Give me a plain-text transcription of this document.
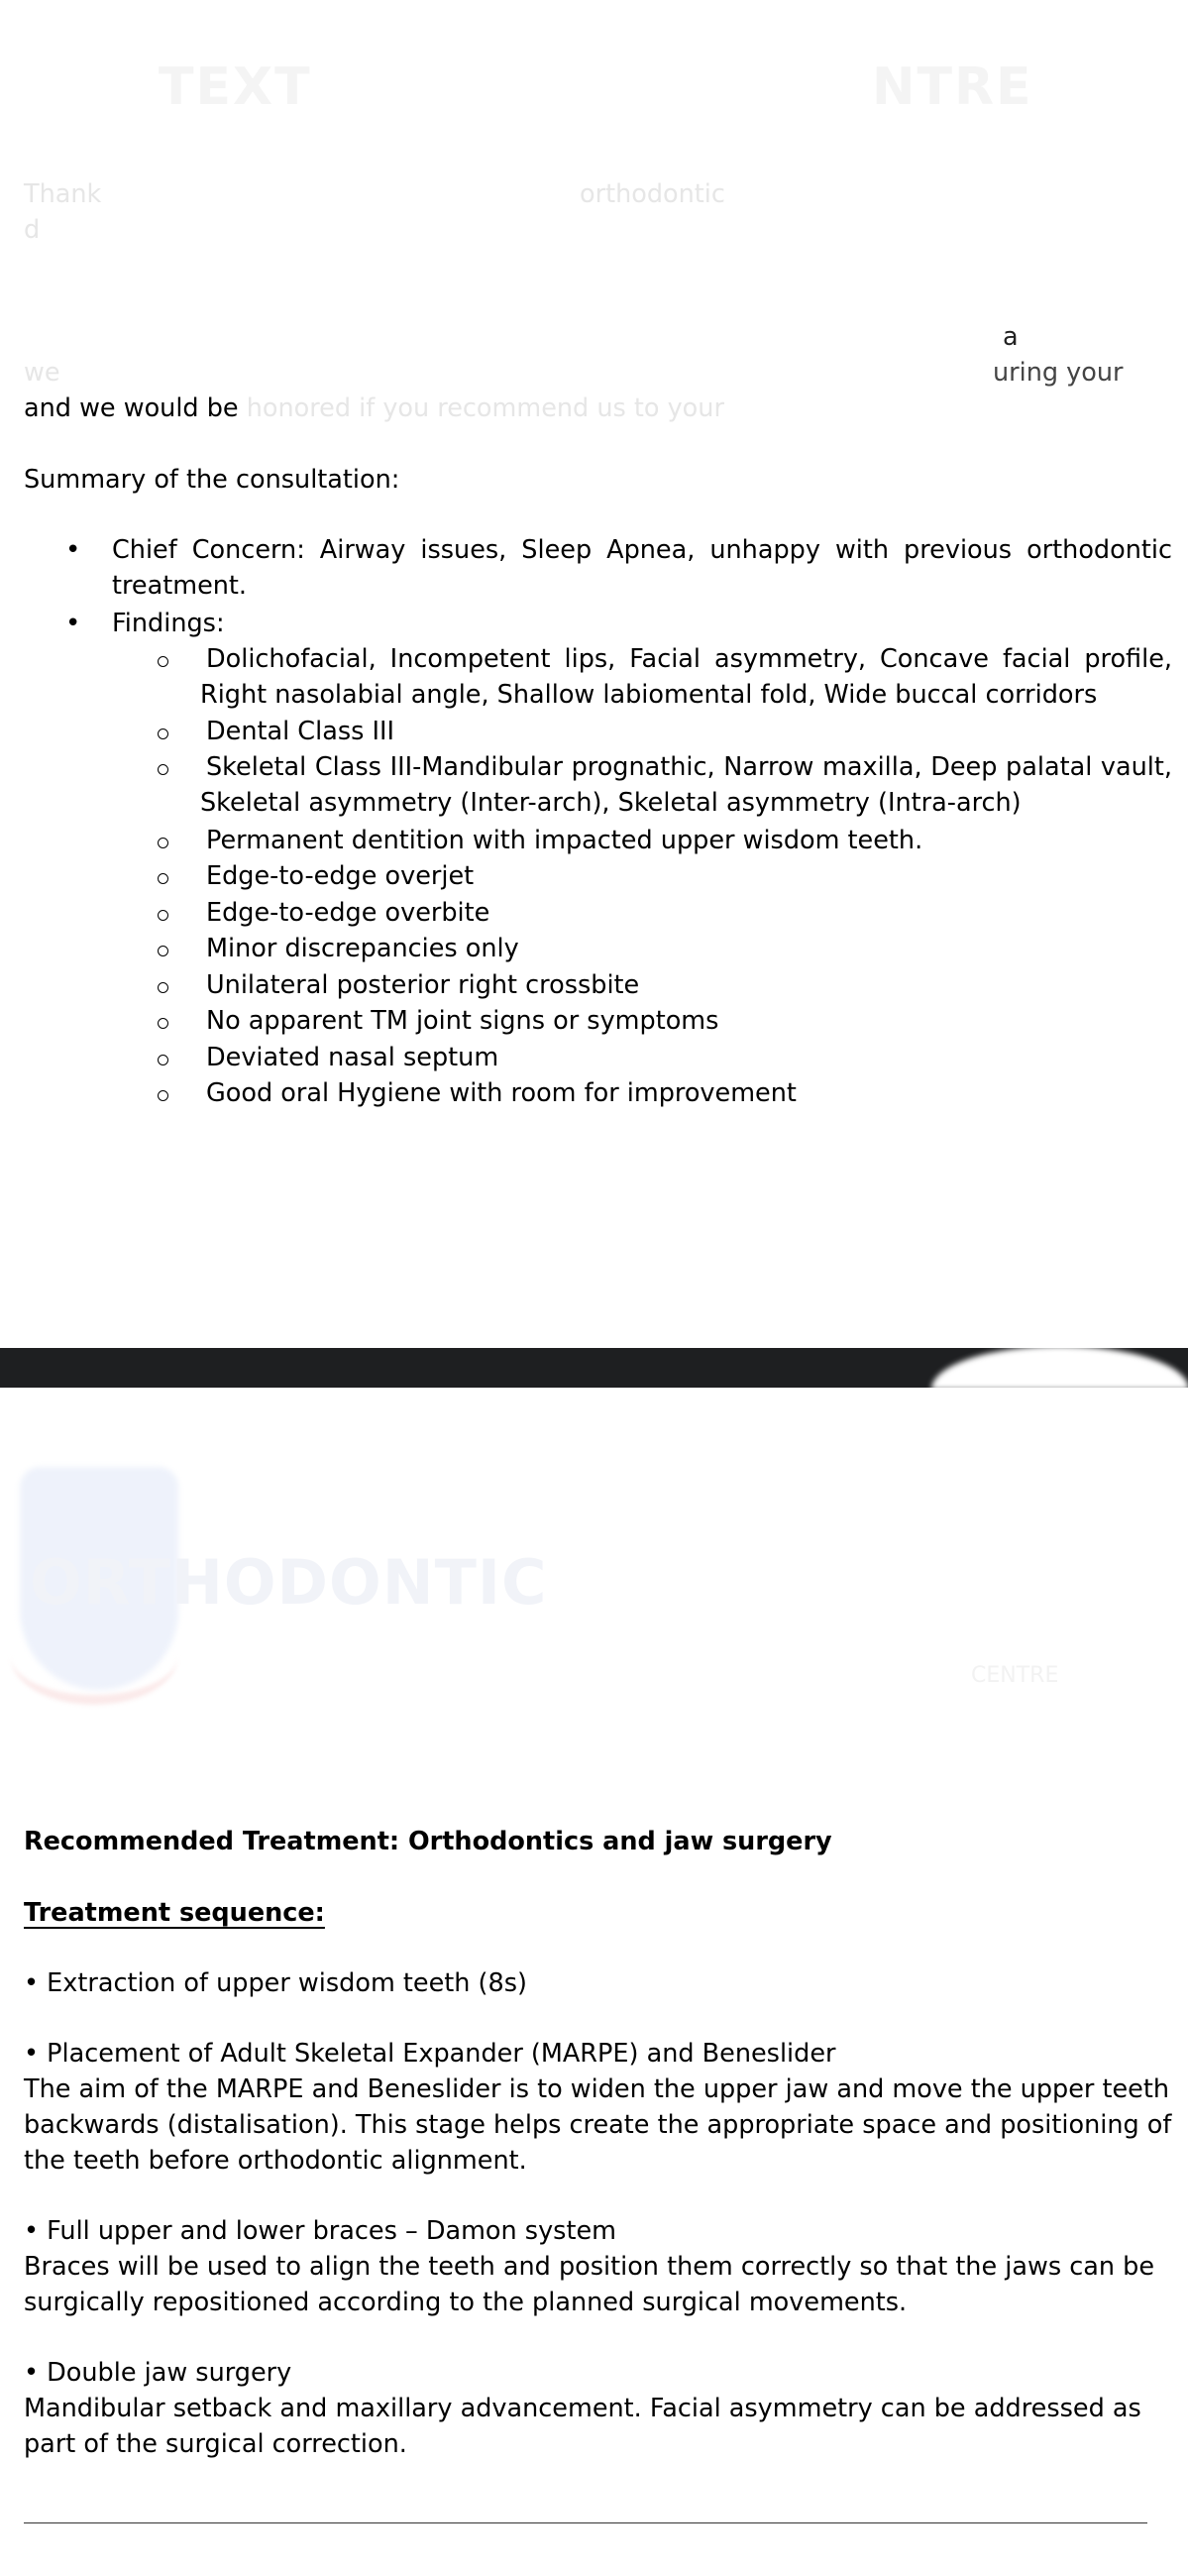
TEXT	NTRE
Thank	orthodontic
d
a
we	uring your
and we would be honored if you recommend us to your
Summary of the consultation:
• Chief Concern: Airway issues, Sleep Apnea, unhappy with previous orthodontic
treatment.
• Findings:
Dolichofacial, Incompetent lips, Facial asymmetry, Concave facial profile,
Right nasolabial angle, Shallow labiomental fold, Wide buccal corridors
Dental Class III
Skeletal Class III-Mandibular prognathic, Narrow maxilla, Deep palatal vault,
Skeletal asymmetry (Inter-arch), Skeletal asymmetry (Intra-arch)
Permanent dentition with impacted upper wisdom teeth.
Edge-to-edge overjet
Edge-to-edge overbite
Minor discrepancies only
Unilateral posterior right crossbite
No apparent TM joint signs or symptoms
Deviated nasal septum
Good oral Hygiene with room for improvement
ORTHODONTIC
CENTRE
Recommended Treatment: Orthodontics and jaw surgery
Treatment sequence:
• Extraction of upper wisdom teeth (8s)
• Placement of Adult Skeletal Expander (MARPE) and Beneslider
The aim of the MARPE and Beneslider is to widen the upper jaw and move the upper teeth
backwards (distalisation). This stage helps create the appropriate space and positioning of
the teeth before orthodontic alignment.
• Full upper and lower braces – Damon system
Braces will be used to align the teeth and position them correctly so that the jaws can be
surgically repositioned according to the planned surgical movements.
• Double jaw surgery
Mandibular setback and maxillary advancement. Facial asymmetry can be addressed as
part of the surgical correction.
